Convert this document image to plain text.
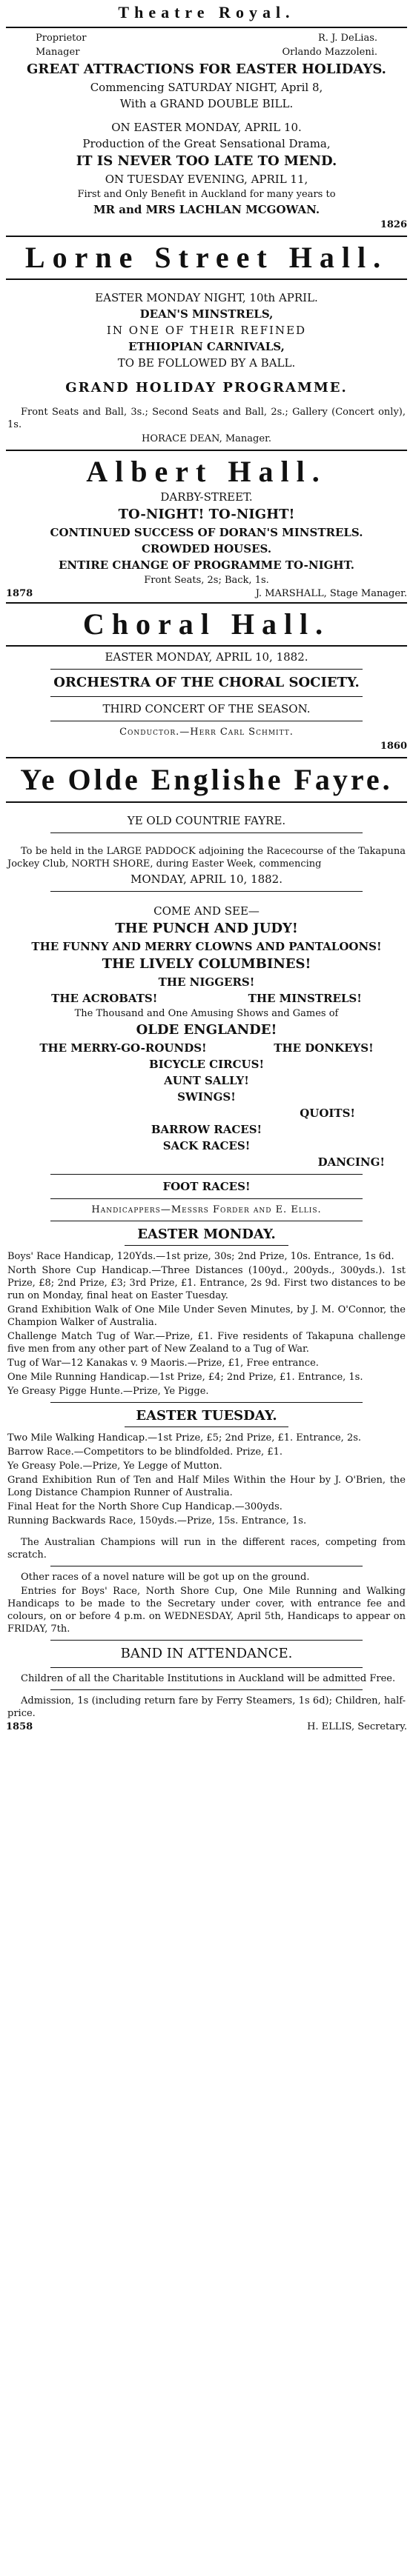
Theatre Royal.

Proprietor	R. J. DeLias.
Manager	Orlando Mazzoleni.

GREAT ATTRACTIONS FOR EASTER HOLIDAYS.

Commencing SATURDAY NIGHT, April 8,

With a GRAND DOUBLE BILL.

ON EASTER MONDAY, APRIL 10.

Production of the Great Sensational Drama,

IT IS NEVER TOO LATE TO MEND.

ON TUESDAY EVENING, APRIL 11,

First and Only Benefit in Auckland for many years to

MR and MRS LACHLAN MCGOWAN.

1826

Lorne Street Hall.

EASTER MONDAY NIGHT, 10th APRIL.

DEAN'S MINSTRELS,

IN ONE OF THEIR REFINED

ETHIOPIAN CARNIVALS,

TO BE FOLLOWED BY A BALL.

GRAND HOLIDAY PROGRAMME.

Front Seats and Ball, 3s.; Second Seats and Ball, 2s.; Gallery (Concert only), 1s.

HORACE DEAN, Manager.

Albert Hall.

DARBY-STREET.

TO-NIGHT! TO-NIGHT!

CONTINUED SUCCESS OF DORAN'S MINSTRELS.

CROWDED HOUSES.

ENTIRE CHANGE OF PROGRAMME TO-NIGHT.

Front Seats, 2s; Back, 1s.

1878	J. MARSHALL, Stage Manager.

Choral Hall.

EASTER MONDAY, APRIL 10, 1882.

ORCHESTRA OF THE CHORAL SOCIETY.

THIRD CONCERT OF THE SEASON.

Conductor.—Herr Carl Schmitt.

1860

Ye Olde Englishe Fayre.

YE OLD COUNTRIE FAYRE.

To be held in the LARGE PADDOCK adjoining the Racecourse of the Takapuna Jockey Club, NORTH SHORE, during Easter Week, commencing

MONDAY, APRIL 10, 1882.

COME AND SEE—

THE PUNCH AND JUDY!

THE FUNNY AND MERRY CLOWNS AND PANTALOONS!

THE LIVELY COLUMBINES!

THE NIGGERS!

THE ACROBATS!	THE MINSTRELS!

The Thousand and One Amusing Shows and Games of

OLDE ENGLANDE!

THE MERRY-GO-ROUNDS!	THE DONKEYS!

BICYCLE CIRCUS!

AUNT SALLY!

SWINGS!

QUOITS!

BARROW RACES!

SACK RACES!

DANCING!

FOOT RACES!

Handicappers—Messrs Forder and E. Ellis.

EASTER MONDAY.

Boys' Race Handicap, 120Yds.—1st prize, 30s; 2nd Prize, 10s. Entrance, 1s 6d.

North Shore Cup Handicap.—Three Distances (100yd., 200yds., 300yds.). 1st Prize, £8; 2nd Prize, £3; 3rd Prize, £1. Entrance, 2s 9d. First two distances to be run on Monday, final heat on Easter Tuesday.

Grand Exhibition Walk of One Mile Under Seven Minutes, by J. M. O'Connor, the Champion Walker of Australia.

Challenge Match Tug of War.—Prize, £1. Five residents of Takapuna challenge five men from any other part of New Zealand to a Tug of War.

Tug of War—12 Kanakas v. 9 Maoris.—Prize, £1, Free entrance.

One Mile Running Handicap.—1st Prize, £4; 2nd Prize, £1. Entrance, 1s.

Ye Greasy Pigge Hunte.—Prize, Ye Pigge.

EASTER TUESDAY.

Two Mile Walking Handicap.—1st Prize, £5; 2nd Prize, £1. Entrance, 2s.

Barrow Race.—Competitors to be blindfolded. Prize, £1.

Ye Greasy Pole.—Prize, Ye Legge of Mutton.

Grand Exhibition Run of Ten and Half Miles Within the Hour by J. O'Brien, the Long Distance Champion Runner of Australia.

Final Heat for the North Shore Cup Handicap.—300yds.

Running Backwards Race, 150yds.—Prize, 15s. Entrance, 1s.

The Australian Champions will run in the different races, competing from scratch.

Other races of a novel nature will be got up on the ground.

Entries for Boys' Race, North Shore Cup, One Mile Running and Walking Handicaps to be made to the Secretary under cover, with entrance fee and colours, on or before 4 p.m. on WEDNESDAY, April 5th, Handicaps to appear on FRIDAY, 7th.

BAND IN ATTENDANCE.

Children of all the Charitable Institutions in Auckland will be admitted Free.

Admission, 1s (including return fare by Ferry Steamers, 1s 6d); Children, half-price.

1858	H. ELLIS, Secretary.
